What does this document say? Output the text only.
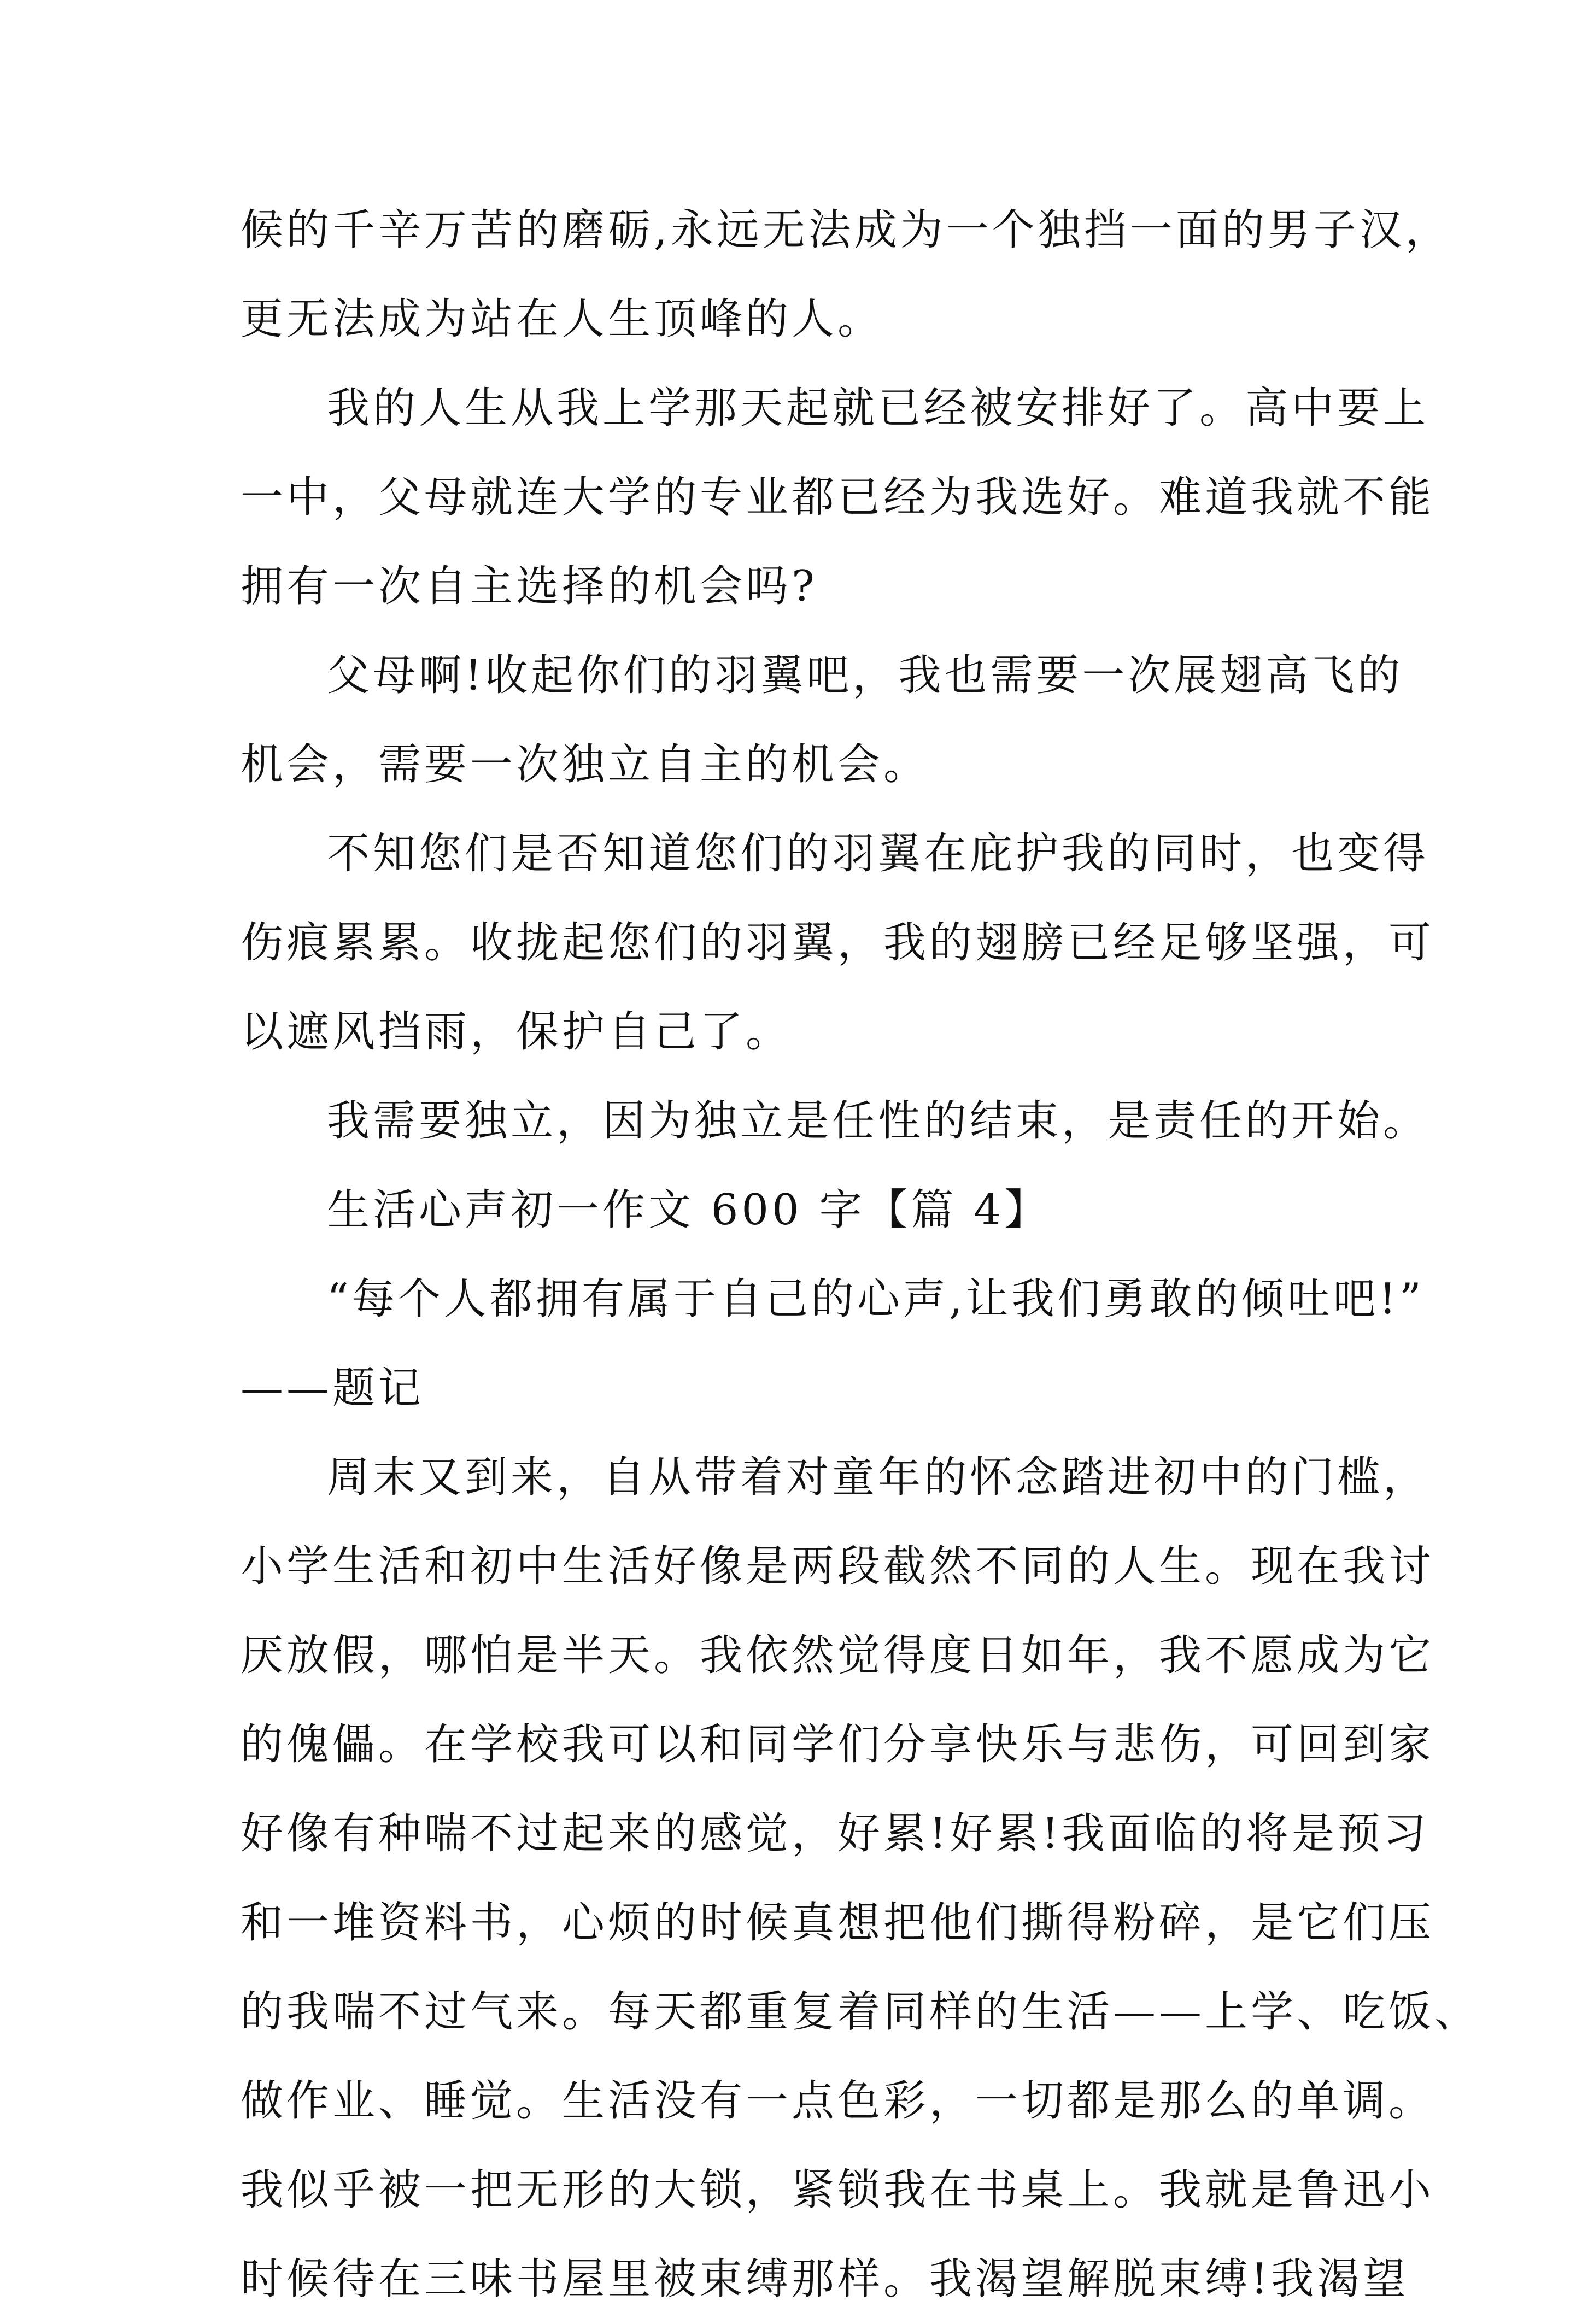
候的千辛万苦的磨砺,永远无法成为一个独挡一面的男子汉，
更无法成为站在人生顶峰的人。
我的人生从我上学那天起就已经被安排好了。高中要上
一中，父母就连大学的专业都已经为我选好。难道我就不能
拥有一次自主选择的机会吗?
父母啊!收起你们的羽翼吧，我也需要一次展翅高飞的
机会，需要一次独立自主的机会。
不知您们是否知道您们的羽翼在庇护我的同时，也变得
伤痕累累。收拢起您们的羽翼，我的翅膀已经足够坚强，可
以遮风挡雨，保护自己了。
我需要独立，因为独立是任性的结束，是责任的开始。
生活心声初一作文 600 字【篇 4】
“每个人都拥有属于自己的心声,让我们勇敢的倾吐吧!”
——题记
周末又到来，自从带着对童年的怀念踏进初中的门槛，
小学生活和初中生活好像是两段截然不同的人生。现在我讨
厌放假，哪怕是半天。我依然觉得度日如年，我不愿成为它
的傀儡。在学校我可以和同学们分享快乐与悲伤，可回到家
好像有种喘不过起来的感觉，好累!好累!我面临的将是预习
和一堆资料书，心烦的时候真想把他们撕得粉碎，是它们压
的我喘不过气来。每天都重复着同样的生活——上学、吃饭、
做作业、睡觉。生活没有一点色彩，一切都是那么的单调。
我似乎被一把无形的大锁，紧锁我在书桌上。我就是鲁迅小
时候待在三味书屋里被束缚那样。我渴望解脱束缚!我渴望
